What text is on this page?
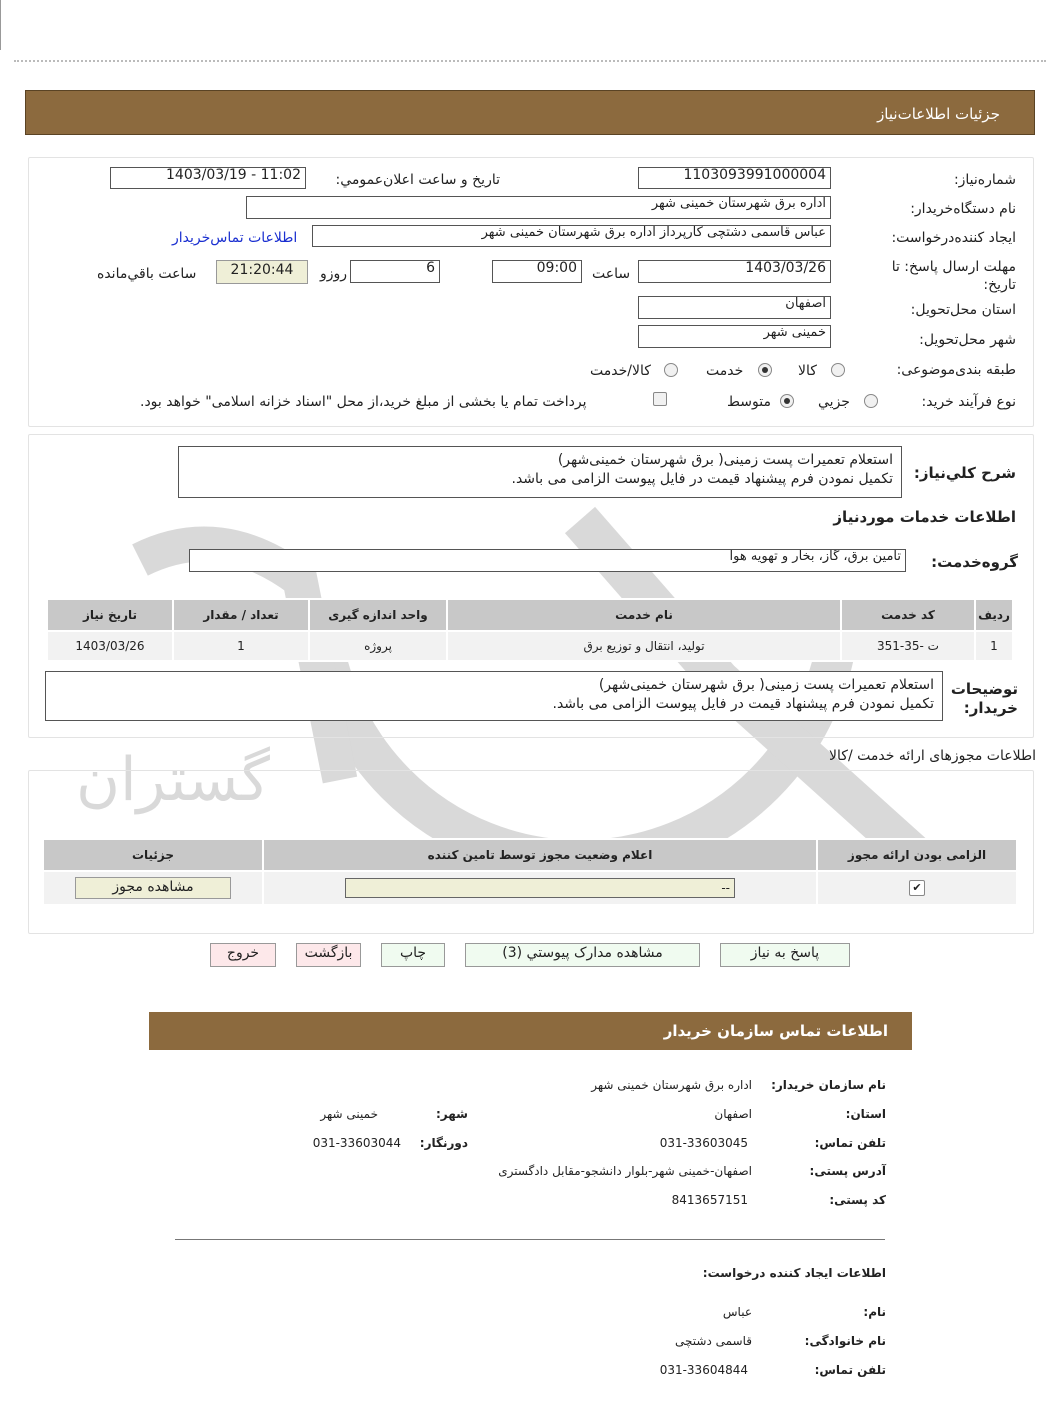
جزئيات اطلاعات‌نياز
گستران
شماره‌نياز:
1103093991000004
تاريخ و ساعت اعلان‌عمومي:
1403/03/19 - 11:02
نام دستگاه‌خريدار:
اداره برق شهرستان خمینی شهر
ايجاد کننده‌درخواست:
عباس قاسمی دشتچی کارپرداز اداره برق شهرستان خمینی شهر
اطلاعات تماس‌خريدار
مهلت ارسال پاسخ: تا تاريخ:
1403/03/26
ساعت
09:00
6
روزو
21:20:44
ساعت باقي‌مانده
استان محل‌تحويل:
اصفهان
شهر محل‌تحويل:
خمینی شهر
طبقه بندی‌موضوعی:
کالا
خدمت
کالا/خدمت
نوع فرآيند خريد:
جزيي
متوسط
پرداخت تمام يا بخشی از مبلغ خريد،از محل "اسناد خزانه اسلامی" خواهد بود.
شرح کلي‌نياز:
استعلام تعمیرات پست زمینی( برق شهرستان خمینی‌شهر)
تکمیل نمودن فرم پیشنهاد قیمت در فایل پیوست الزامی می باشد.
اطلاعات خدمات موردنياز
گروه‌خدمت:
تامين برق، گاز، بخار و تهويه هوا
رديف	کد خدمت	نام خدمت	واحد اندازه گيری	تعداد / مقدار	تاريخ نياز
1	ت -35-351	توليد، انتقال و توزيع برق	پروژه	1	1403/03/26
توضيحات
خريدار:
استعلام تعمیرات پست زمینی( برق شهرستان خمینی‌شهر)
تکمیل نمودن فرم پیشنهاد قیمت در فایل پیوست الزامی می باشد.
اطلاعات مجوزهای ارائه خدمت /کالا
الزامی بودن ارائه مجوز	اعلام وضعيت مجوز توسط تامين کننده	جزئيات
✔	--	مشاهده مجوز
پاسخ به نیاز
مشاهده مدارک پيوستي (3)
چاپ
بازگشت
خروج
اطلاعات تماس سازمان خريدار
نام سازمان خريدار:
اداره برق شهرستان خمینی شهر
استان:
اصفهان
شهر:
خمینی شهر
تلفن تماس:
031-33603045
دورنگار:
031-33603044
آدرس پستی:
اصفهان-خمینی شهر-بلوار دانشجو-مقابل دادگستری
کد پستی:
8413657151
اطلاعات ایجاد کننده درخواست:
نام:
عباس
نام خانوادگی:
قاسمی دشتچی
تلفن تماس:
031-33604844
